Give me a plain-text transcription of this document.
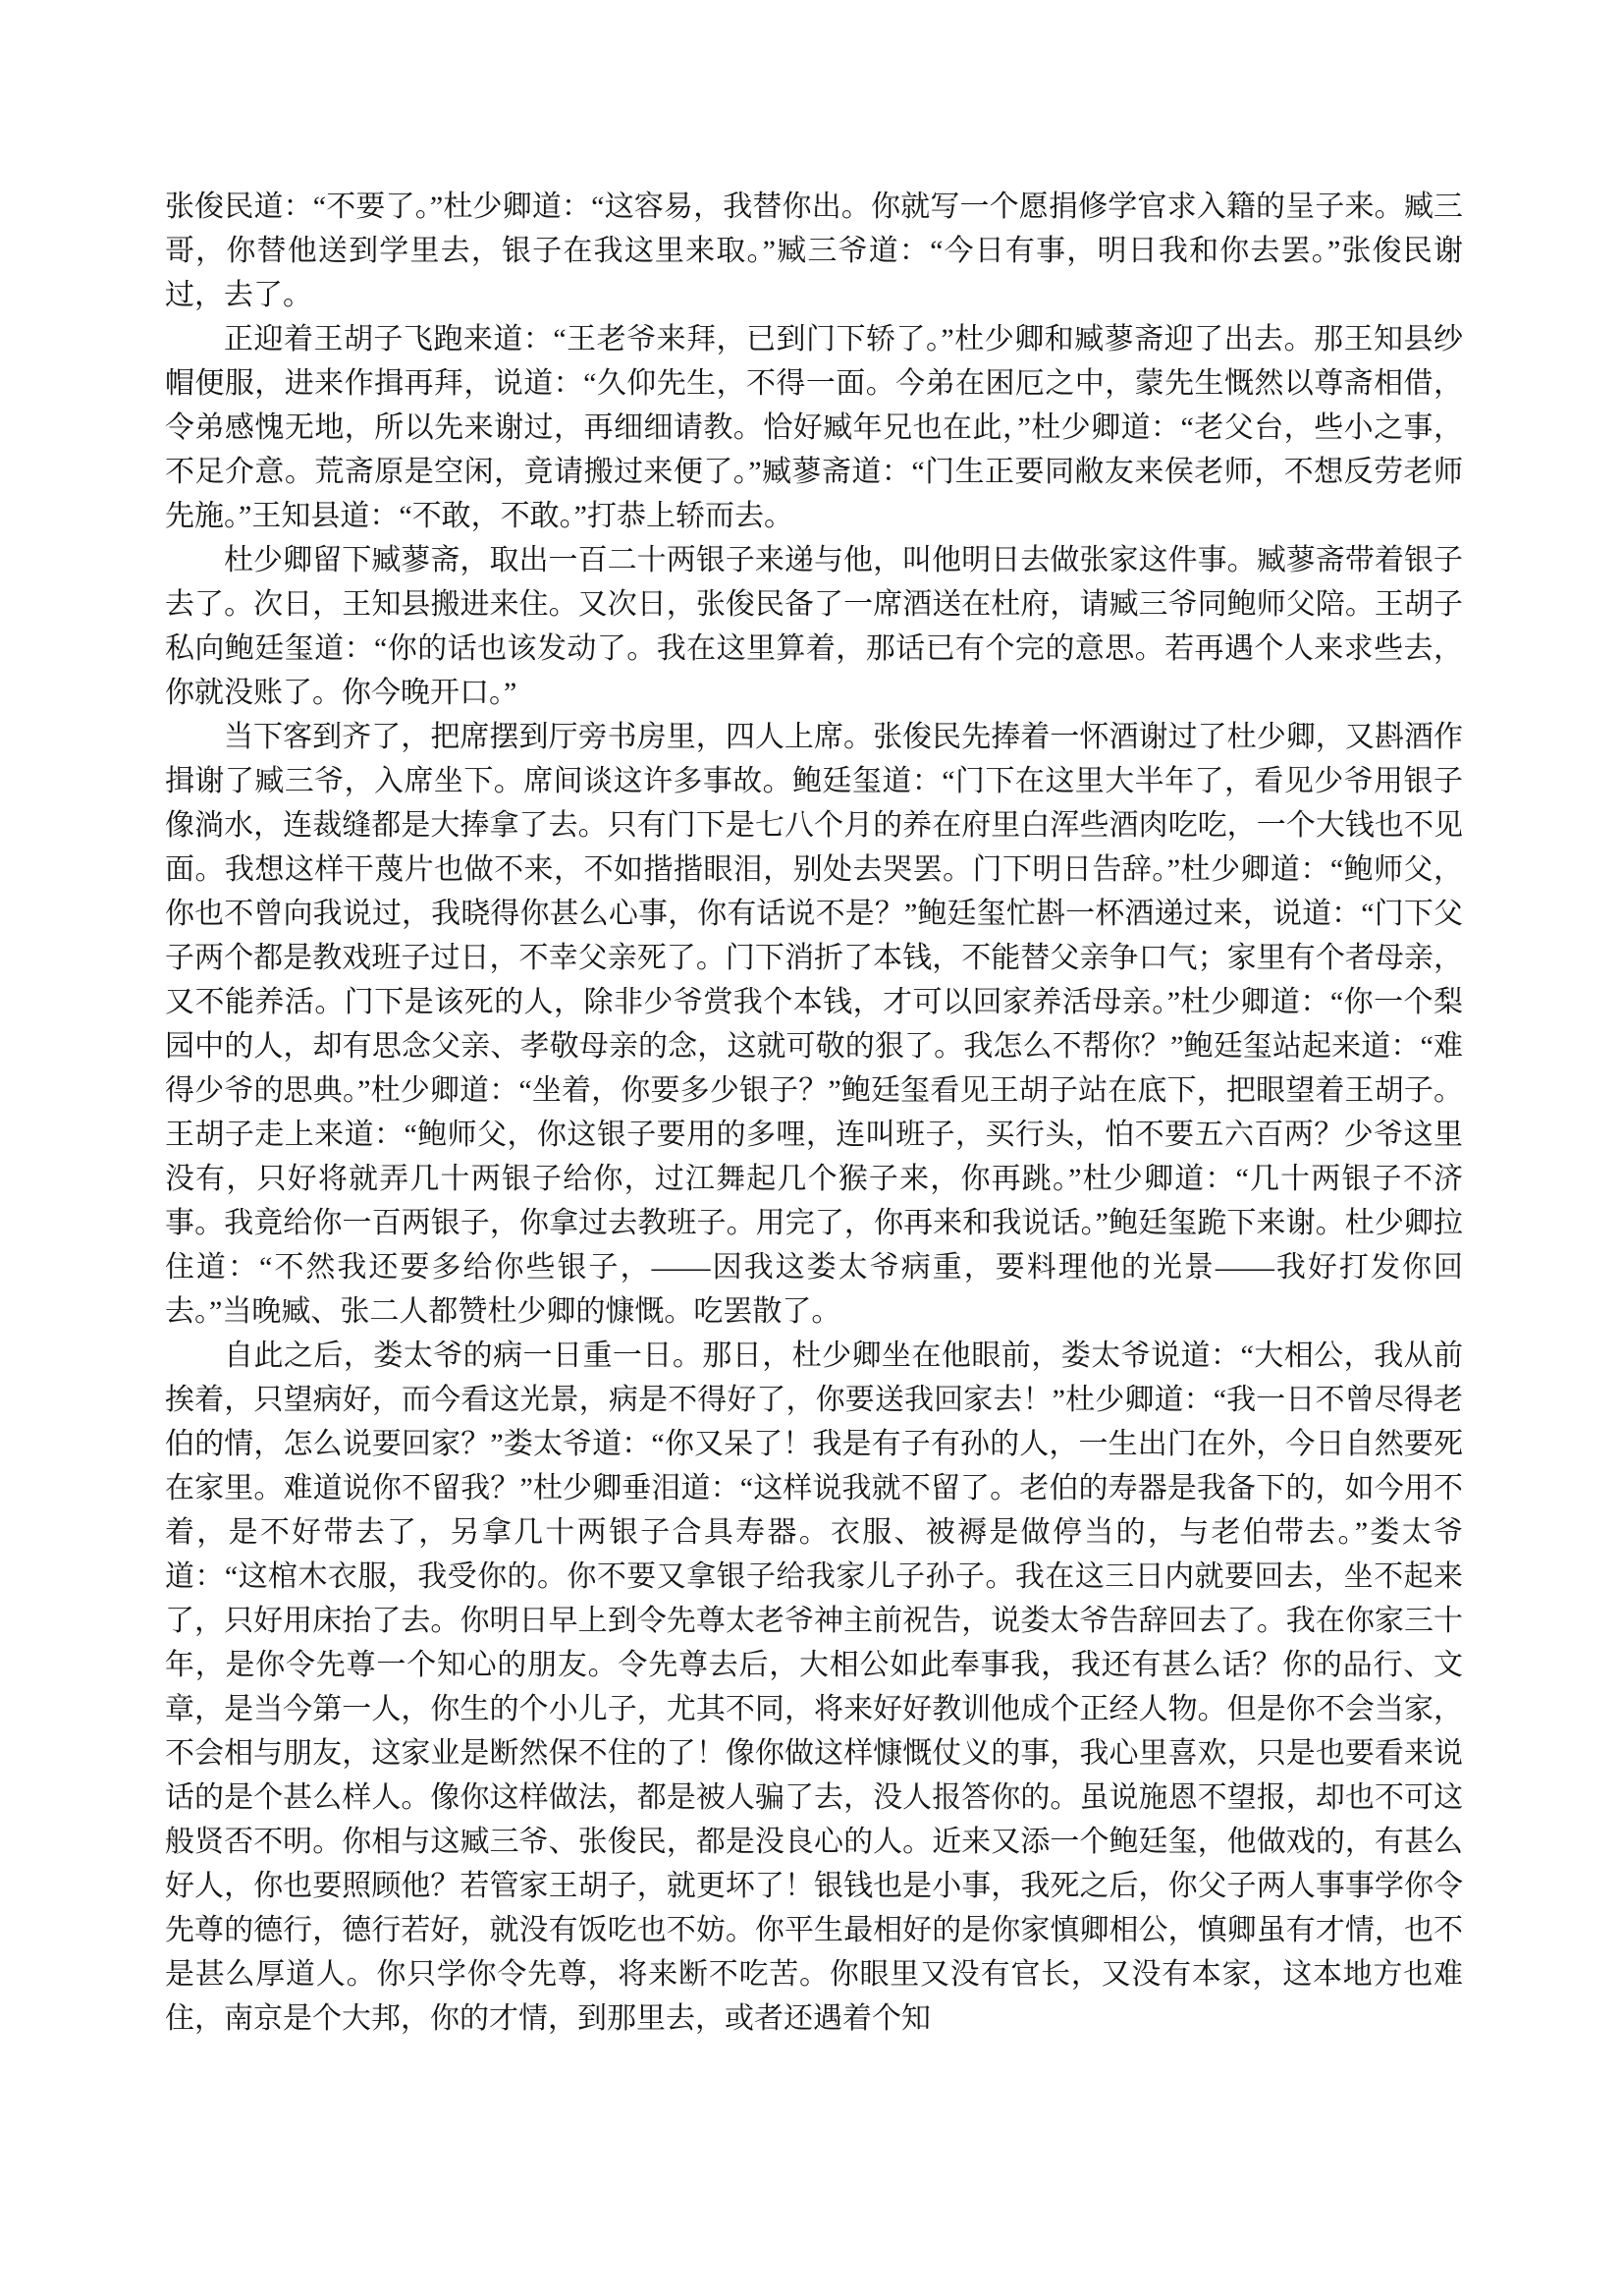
张俊民道：“不要了。”杜少卿道：“这容易，我替你出。你就写一个愿捐修学官求入籍的呈子来。臧三哥，你替他送到学里去，银子在我这里来取。”臧三爷道：“今日有事，明日我和你去罢。”张俊民谢过，去了。

正迎着王胡子飞跑来道：“王老爷来拜，已到门下轿了。”杜少卿和臧蓼斋迎了出去。那王知县纱帽便服，进来作揖再拜，说道：“久仰先生，不得一面。今弟在困厄之中，蒙先生慨然以尊斋相借，令弟感愧无地，所以先来谢过，再细细请教。恰好臧年兄也在此，”杜少卿道：“老父台，些小之事，不足介意。荒斋原是空闲，竟请搬过来便了。”臧蓼斋道：“门生正要同敝友来侯老师，不想反劳老师先施。”王知县道：“不敢，不敢。”打恭上轿而去。

杜少卿留下臧蓼斋，取出一百二十两银子来递与他，叫他明日去做张家这件事。臧蓼斋带着银子去了。次日，王知县搬进来住。又次日，张俊民备了一席酒送在杜府，请臧三爷同鲍师父陪。王胡子私向鲍廷玺道：“你的话也该发动了。我在这里算着，那话已有个完的意思。若再遇个人来求些去，你就没账了。你今晚开口。”

当下客到齐了，把席摆到厅旁书房里，四人上席。张俊民先捧着一怀酒谢过了杜少卿，又斟酒作揖谢了臧三爷，入席坐下。席间谈这许多事故。鲍廷玺道：“门下在这里大半年了，看见少爷用银子像淌水，连裁缝都是大捧拿了去。只有门下是七八个月的养在府里白浑些酒肉吃吃，一个大钱也不见面。我想这样干蔑片也做不来，不如揩揩眼泪，别处去哭罢。门下明日告辞。”杜少卿道：“鲍师父，你也不曾向我说过，我晓得你甚么心事，你有话说不是？”鲍廷玺忙斟一杯酒递过来，说道：“门下父子两个都是教戏班子过日，不幸父亲死了。门下消折了本钱，不能替父亲争口气；家里有个者母亲，又不能养活。门下是该死的人，除非少爷赏我个本钱，才可以回家养活母亲。”杜少卿道：“你一个梨园中的人，却有思念父亲、孝敬母亲的念，这就可敬的狠了。我怎么不帮你？”鲍廷玺站起来道：“难得少爷的思典。”杜少卿道：“坐着，你要多少银子？”鲍廷玺看见王胡子站在底下，把眼望着王胡子。王胡子走上来道：“鲍师父，你这银子要用的多哩，连叫班子，买行头，怕不要五六百两？少爷这里没有，只好将就弄几十两银子给你，过江舞起几个猴子来，你再跳。”杜少卿道：“几十两银子不济事。我竟给你一百两银子，你拿过去教班子。用完了，你再来和我说话。”鲍廷玺跪下来谢。杜少卿拉住道：“不然我还要多给你些银子，——因我这娄太爷病重，要料理他的光景——我好打发你回去。”当晚臧、张二人都赞杜少卿的慷慨。吃罢散了。

自此之后，娄太爷的病一日重一日。那日，杜少卿坐在他眼前，娄太爷说道：“大相公，我从前挨着，只望病好，而今看这光景，病是不得好了，你要送我回家去！”杜少卿道：“我一日不曾尽得老伯的情，怎么说要回家？”娄太爷道：“你又呆了！我是有子有孙的人，一生出门在外，今日自然要死在家里。难道说你不留我？”杜少卿垂泪道：“这样说我就不留了。老伯的寿器是我备下的，如今用不着，是不好带去了，另拿几十两银子合具寿器。衣服、被褥是做停当的，与老伯带去。”娄太爷道：“这棺木衣服，我受你的。你不要又拿银子给我家儿子孙子。我在这三日内就要回去，坐不起来了，只好用床抬了去。你明日早上到令先尊太老爷神主前祝告，说娄太爷告辞回去了。我在你家三十年，是你令先尊一个知心的朋友。令先尊去后，大相公如此奉事我，我还有甚么话？你的品行、文章，是当今第一人，你生的个小儿子，尤其不同，将来好好教训他成个正经人物。但是你不会当家，不会相与朋友，这家业是断然保不住的了！像你做这样慷慨仗义的事，我心里喜欢，只是也要看来说话的是个甚么样人。像你这样做法，都是被人骗了去，没人报答你的。虽说施恩不望报，却也不可这般贤否不明。你相与这臧三爷、张俊民，都是没良心的人。近来又添一个鲍廷玺，他做戏的，有甚么好人，你也要照顾他？若管家王胡子，就更坏了！银钱也是小事，我死之后，你父子两人事事学你令先尊的德行，德行若好，就没有饭吃也不妨。你平生最相好的是你家慎卿相公，慎卿虽有才情，也不是甚么厚道人。你只学你令先尊，将来断不吃苦。你眼里又没有官长，又没有本家，这本地方也难住，南京是个大邦，你的才情，到那里去，或者还遇着个知
